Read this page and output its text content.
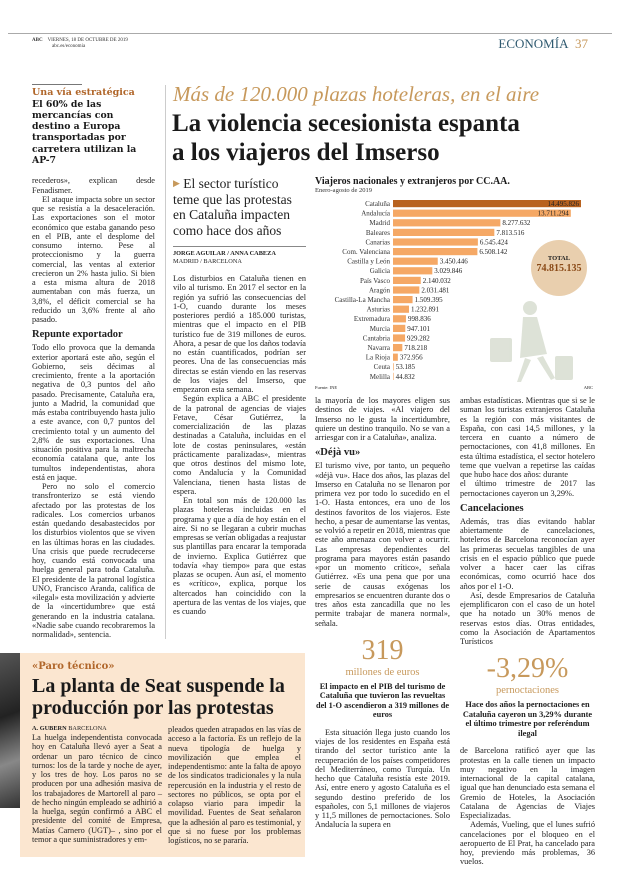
ABC VIERNES, 18 DE OCTUBRE DE 2019
abc.es/economia	ECONOMÍA 37
Una vía estratégica
El 60% de las mercancías con destino a Europa transportadas por carretera utilizan la AP-7

recederos», explican desde Fenadismer.

El ataque impacta sobre un sector que se resistía a la desaceleración. Las exportaciones son el motor económico que estaba ganando peso en el PIB, ante el desplome del consumo interno. Pese al proteccionismo y la guerra comercial, las ventas al exterior crecieron un 2% hasta julio. Si bien a esta misma altura de 2018 aumentaban con más fuerza, un 3,8%, el déficit comercial se ha reducido un 3,6% frente al año pasado.

Repunte exportador

Todo ello provoca que la demanda exterior aportará este año, según el Gobierno, seis décimas al crecimiento, frente a la aportación negativa de 0,3 puntos del año pasado. Precisamente, Cataluña era, junto a Madrid, la comunidad que más estaba contribuyendo hasta julio a este avance, con 0,7 puntos del crecimiento total y un aumento del 2,8% de sus exportaciones. Una situación positiva para la maltrecha economía catalana que, ante los tumultos independentistas, ahora está en jaque.

Pero no solo el comercio transfronterizo se está viendo afectado por las protestas de los radicales. Los comercios urbanos están quedando desabastecidos por los disturbios violentos que se viven en las últimas horas en las ciudades. Una crisis que puede recrudecerse hoy, cuando está convocada una huelga general para toda Cataluña. El presidente de la patronal logística UNO, Francisco Aranda, califica de «ilegal» esta movilización y advierte de la «incertidumbre» que está generando en la industria catalana. «Nadie sabe cuando recobraremos la normalidad», sentencia.

Más de 120.000 plazas hoteleras, en el aire
La violencia secesionista espanta
a los viajeros del Imserso
▶ El sector turístico teme que las protestas en Cataluña impacten como hace dos años
JORGE AGUILAR / ANNA CABEZA
MADRID / BARCELONA

Los disturbios en Cataluña tienen en vilo al turismo. En 2017 el sector en la región ya sufrió las consecuencias del 1-O, cuando durante los meses posteriores perdió a 185.000 turistas, mientras que el impacto en el PIB turístico fue de 319 millones de euros. Ahora, a pesar de que los daños todavía no están cuantificados, podrían ser peores. Una de las consecuencias más directas se están viendo en las reservas de los viajes del Imserso, que empezaron esta semana.

Según explica a ABC el presidente de la patronal de agencias de viajes Fetave, César Gutiérrez, la comercialización de las plazas destinadas a Cataluña, incluidas en el lote de costas peninsulares, «están prácticamente paralizadas», mientras que otros destinos del mismo lote, como Andalucía y la Comunidad Valenciana, tienen hasta listas de espera.

En total son más de 120.000 las plazas hoteleras incluidas en el programa y que a día de hoy están en el aire. Si no se llegaran a cubrir muchas empresas se verían obligadas a reajustar sus plantillas para encarar la temporada de invierno. Explica Gutiérrez que todavía «hay tiempo» para que estas plazas se ocupen. Aun así, el momento es «crítico», explica, porque los altercados han coincidido con la apertura de las ventas de los viajes, que es cuando

Viajeros nacionales y extranjeros por CC.AA.
Enero-agosto de 2019
Cataluña	14.495.826
Andalucía	13.711.294
Madrid	8.277.632
Baleares	7.813.516
Canarias	6.545.424
Com. Valenciana	6.508.142
Castilla y León	3.450.446
Galicia	3.029.846
País Vasco	2.140.032
Aragón	2.031.481
Castilla-La Mancha	1.509.395
Asturias	1.232.891
Extremadura	998.836
Murcia 947.101
Cantabria 929.282
Navarra 718.218
La Rioja 372.956
Ceuta 53.185
Melilla 44.832
TOTAL
74.815.135
Fuente: INE	ABC

la mayoría de los mayores eligen sus destinos de viajes. «Al viajero del Imserso no le gusta la incertidumbre, quiere un destino tranquilo. No se van a arriesgar con ir a Cataluña», analiza.

«Déjà vu»

El turismo vive, por tanto, un pequeño «déjà vu». Hace dos años, las plazas del Imserso en Cataluña no se llenaron por primera vez por todo lo sucedido en el 1-O. Hasta entonces, era uno de los destinos favoritos de los viajeros. Este hecho, a pesar de aumentarse las ventas, se volvió a repetir en 2018, mientras que este año amenaza con volver a ocurrir. Las empresas dependientes del programa para mayores están pasando «por un momento crítico», señala Gutiérrez. «Es una pena que por una serie de causas exógenas los empresarios se encuentren durante dos o tres años esta zancadilla que no les permite trabajar de manera normal», señala.

319
millones de euros
El impacto en el PIB del turismo de Cataluña que tuvieron las revueltas del 1-O ascendieron a 319 millones de euros

Esta situación llega justo cuando los viajes de los residentes en España está tirando del sector turístico ante la recuperación de los países competidores del Mediterráneo, como Turquía. Un hecho que Cataluña resistía este 2019. Así, entre enero y agosto Cataluña es el segundo destino preferido de los españoles, con 5,1 millones de viajeros y 11,5 millones de pernoctaciones. Solo Andalucía la supera en

ambas estadísticas. Mientras que si se le suman los turistas extranjeros Cataluña es la región con más visitantes de España, con casi 14,5 millones, y la tercera en cuanto a número de pernoctaciones, con 41,8 millones. En esta última estadística, el sector hotelero teme que vuelvan a repetirse las caídas que hubo hace dos años: durante

el último trimestre de 2017 las pernoctaciones cayeron un 3,29%.

Cancelaciones

Además, tras días evitando hablar abiertamente de cancelaciones, hoteleros de Barcelona reconocían ayer las primeras secuelas tangibles de una crisis en el espacio público que puede volver a hacer caer las cifras económicas, como ocurrió hace dos años por el 1-O.

Así, desde Empresarios de Cataluña ejemplificaron con el caso de un hotel que ha notado un 30% menos de reservas estos días. Otras entidades, como la Asociación de Apartamentos Turísticos

-3,29%
pernoctaciones
Hace dos años la pernoctaciones en Cataluña cayeron un 3,29% durante el último trimestre por referéndum ilegal

de Barcelona ratificó ayer que las protestas en la calle tienen un impacto muy negativo en la imagen internacional de la capital catalana, igual que han denunciado esta semana el Gremio de Hoteles, la Asociación Catalana de Agencias de Viajes Especializadas.

Además, Vueling, que el lunes sufrió cancelaciones por el bloqueo en el aeropuerto de El Prat, ha cancelado para hoy, previendo más problemas, 36 vuelos.

«Paro técnico»
La planta de Seat suspende la producción por las protestas
A. GUBERN BARCELONA

La huelga independentista convocada hoy en Cataluña llevó ayer a Seat a ordenar un paro técnico de cinco turnos: los de la tarde y noche de ayer, y los tres de hoy. Los paros no se producen por una adhesión masiva de los trabajadores de Martorell al paro –de hecho ningún empleado se adhirió a la huelga, según confirmó a ABC el presidente del comité de Empresa, Matías Carnero (UGT)– , sino por el temor a que suministradores y em-

pleados queden atrapados en las vías de acceso a la factoría. Es un reflejo de la nueva tipología de huelga y movilización que emplea el independentismo: ante la falta de apoyo de los sindicatos tradicionales y la nula repercusión en la industria y el resto de sectores no públicos, se opta por el colapso viario para impedir la movilidad. Fuentes de Seat señalaron que la adhesión al paro es testimonial, y que si no fuese por los problemas logísticos, no se pararía.
